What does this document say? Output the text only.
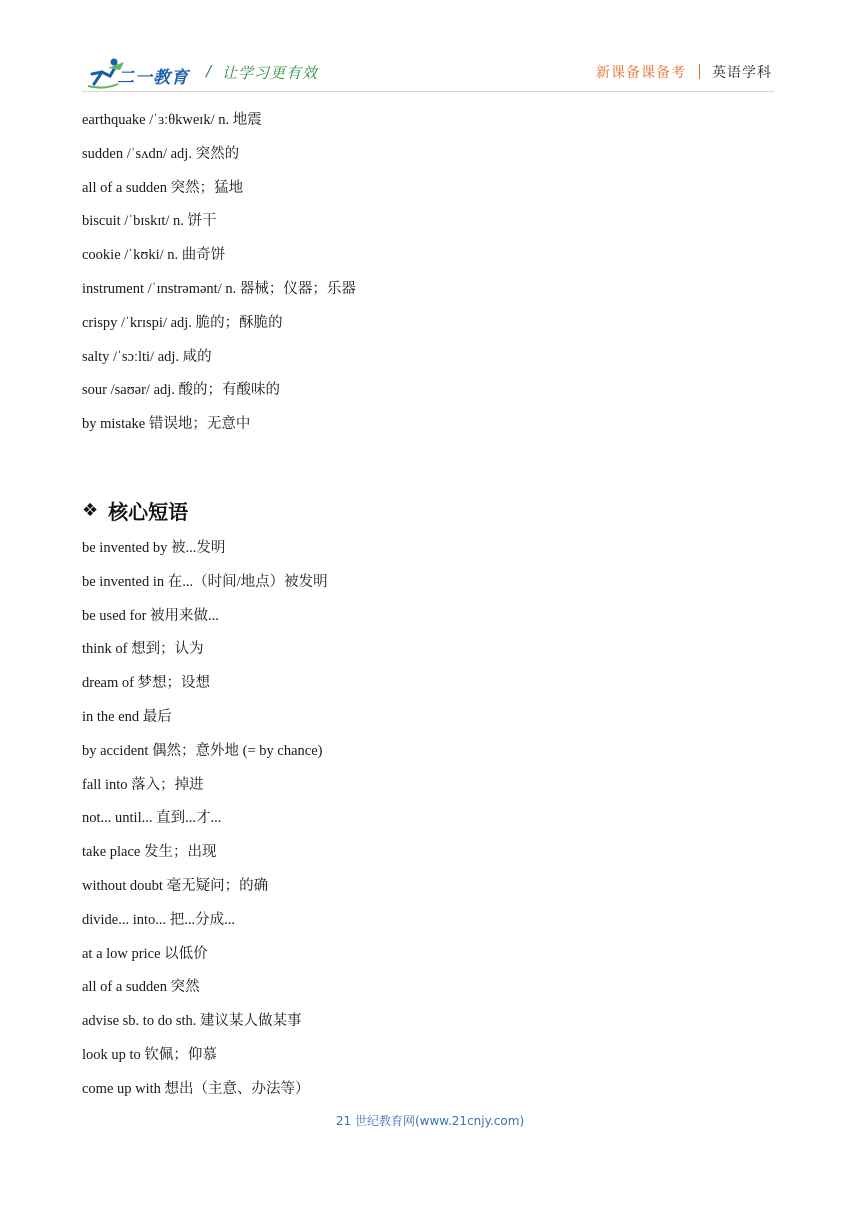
二一教育 / 让学习更有效	新课备课备考 英语学科
earthquake /ˈɜːθkweɪk/ n. 地震
sudden /ˈsʌdn/ adj. 突然的
all of a sudden 突然；猛地
biscuit /ˈbɪskɪt/ n. 饼干
cookie /ˈkʊki/ n. 曲奇饼
instrument /ˈɪnstrəmənt/ n. 器械；仪器；乐器
crispy /ˈkrɪspi/ adj. 脆的；酥脆的
salty /ˈsɔːlti/ adj. 咸的
sour /saʊər/ adj. 酸的；有酸味的
by mistake 错误地；无意中
❖ 核心短语
be invented by 被...发明
be invented in 在...（时间/地点）被发明
be used for 被用来做...
think of 想到；认为
dream of 梦想；设想
in the end 最后
by accident 偶然；意外地 (= by chance)
fall into 落入；掉进
not... until... 直到...才...
take place 发生；出现
without doubt 毫无疑问；的确
divide... into... 把...分成...
at a low price 以低价
all of a sudden 突然
advise sb. to do sth. 建议某人做某事
look up to 钦佩；仰慕
come up with 想出（主意、办法等）
21 世纪教育网(www.21cnjy.com)
